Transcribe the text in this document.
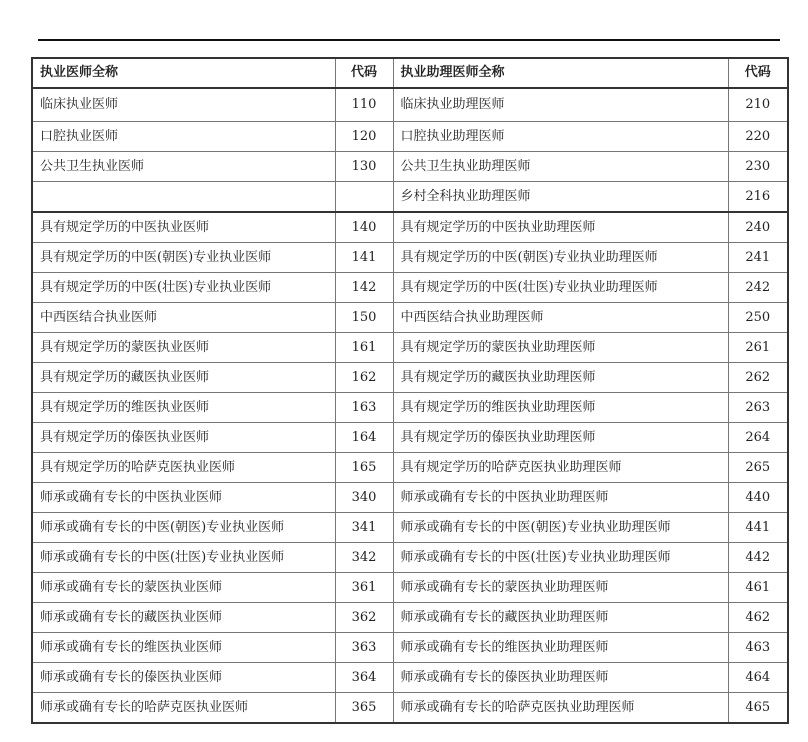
执业医师全称	代码	执业助理医师全称	代码
临床执业医师	110	临床执业助理医师	210
口腔执业医师	120	口腔执业助理医师	220
公共卫生执业医师	130	公共卫生执业助理医师	230
		乡村全科执业助理医师	216
具有规定学历的中医执业医师	140	具有规定学历的中医执业助理医师	240
具有规定学历的中医(朝医)专业执业医师	141	具有规定学历的中医(朝医)专业执业助理医师	241
具有规定学历的中医(壮医)专业执业医师	142	具有规定学历的中医(壮医)专业执业助理医师	242
中西医结合执业医师	150	中西医结合执业助理医师	250
具有规定学历的蒙医执业医师	161	具有规定学历的蒙医执业助理医师	261
具有规定学历的藏医执业医师	162	具有规定学历的藏医执业助理医师	262
具有规定学历的维医执业医师	163	具有规定学历的维医执业助理医师	263
具有规定学历的傣医执业医师	164	具有规定学历的傣医执业助理医师	264
具有规定学历的哈萨克医执业医师	165	具有规定学历的哈萨克医执业助理医师	265
师承或确有专长的中医执业医师	340	师承或确有专长的中医执业助理医师	440
师承或确有专长的中医(朝医)专业执业医师	341	师承或确有专长的中医(朝医)专业执业助理医师	441
师承或确有专长的中医(壮医)专业执业医师	342	师承或确有专长的中医(壮医)专业执业助理医师	442
师承或确有专长的蒙医执业医师	361	师承或确有专长的蒙医执业助理医师	461
师承或确有专长的藏医执业医师	362	师承或确有专长的藏医执业助理医师	462
师承或确有专长的维医执业医师	363	师承或确有专长的维医执业助理医师	463
师承或确有专长的傣医执业医师	364	师承或确有专长的傣医执业助理医师	464
师承或确有专长的哈萨克医执业医师	365	师承或确有专长的哈萨克医执业助理医师	465
